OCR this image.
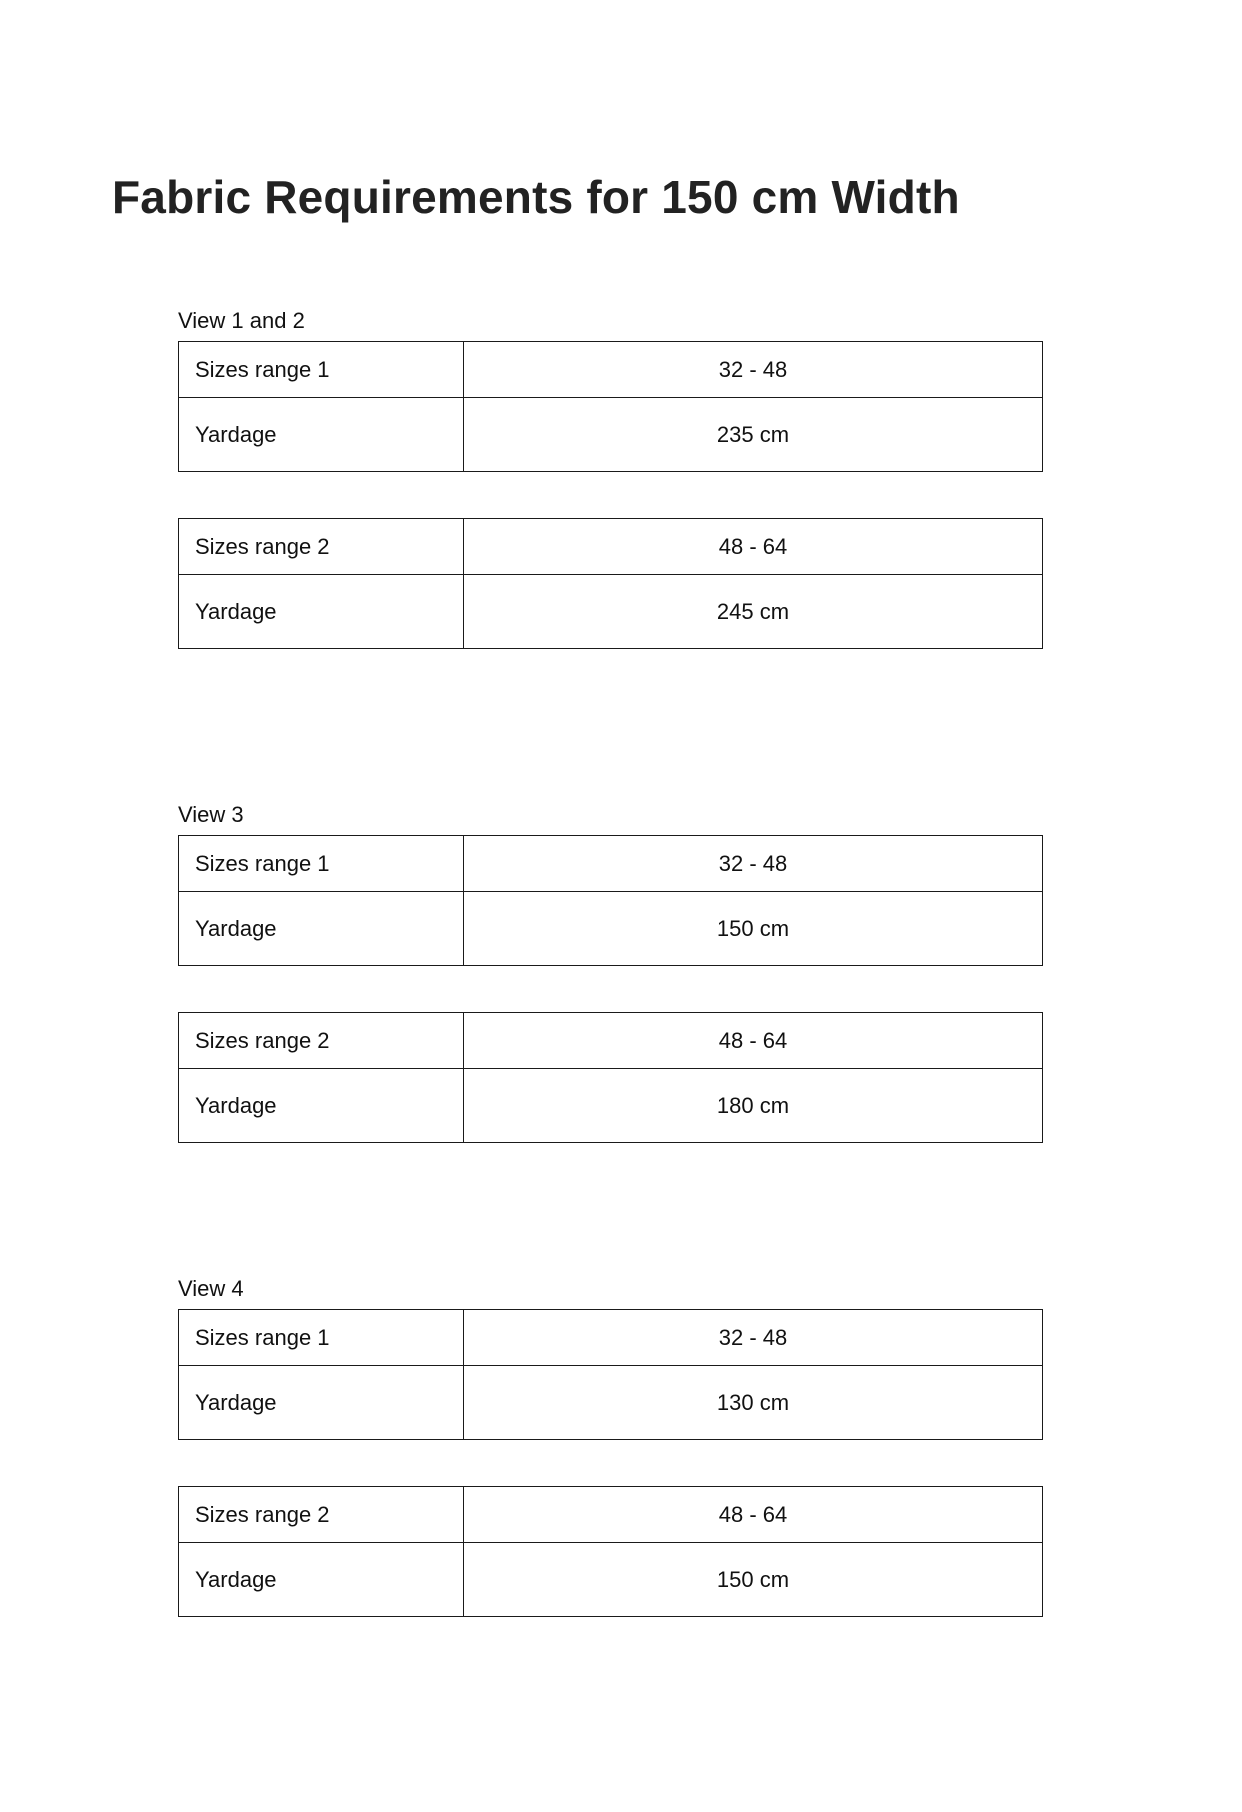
Fabric Requirements for 150 cm Width
View 1 and 2
Sizes range 1	32 - 48
Yardage	235 cm
Sizes range 2	48 - 64
Yardage	245 cm
View 3
Sizes range 1	32 - 48
Yardage	150 cm
Sizes range 2	48 - 64
Yardage	180 cm
View 4
Sizes range 1	32 - 48
Yardage	130 cm
Sizes range 2	48 - 64
Yardage	150 cm
